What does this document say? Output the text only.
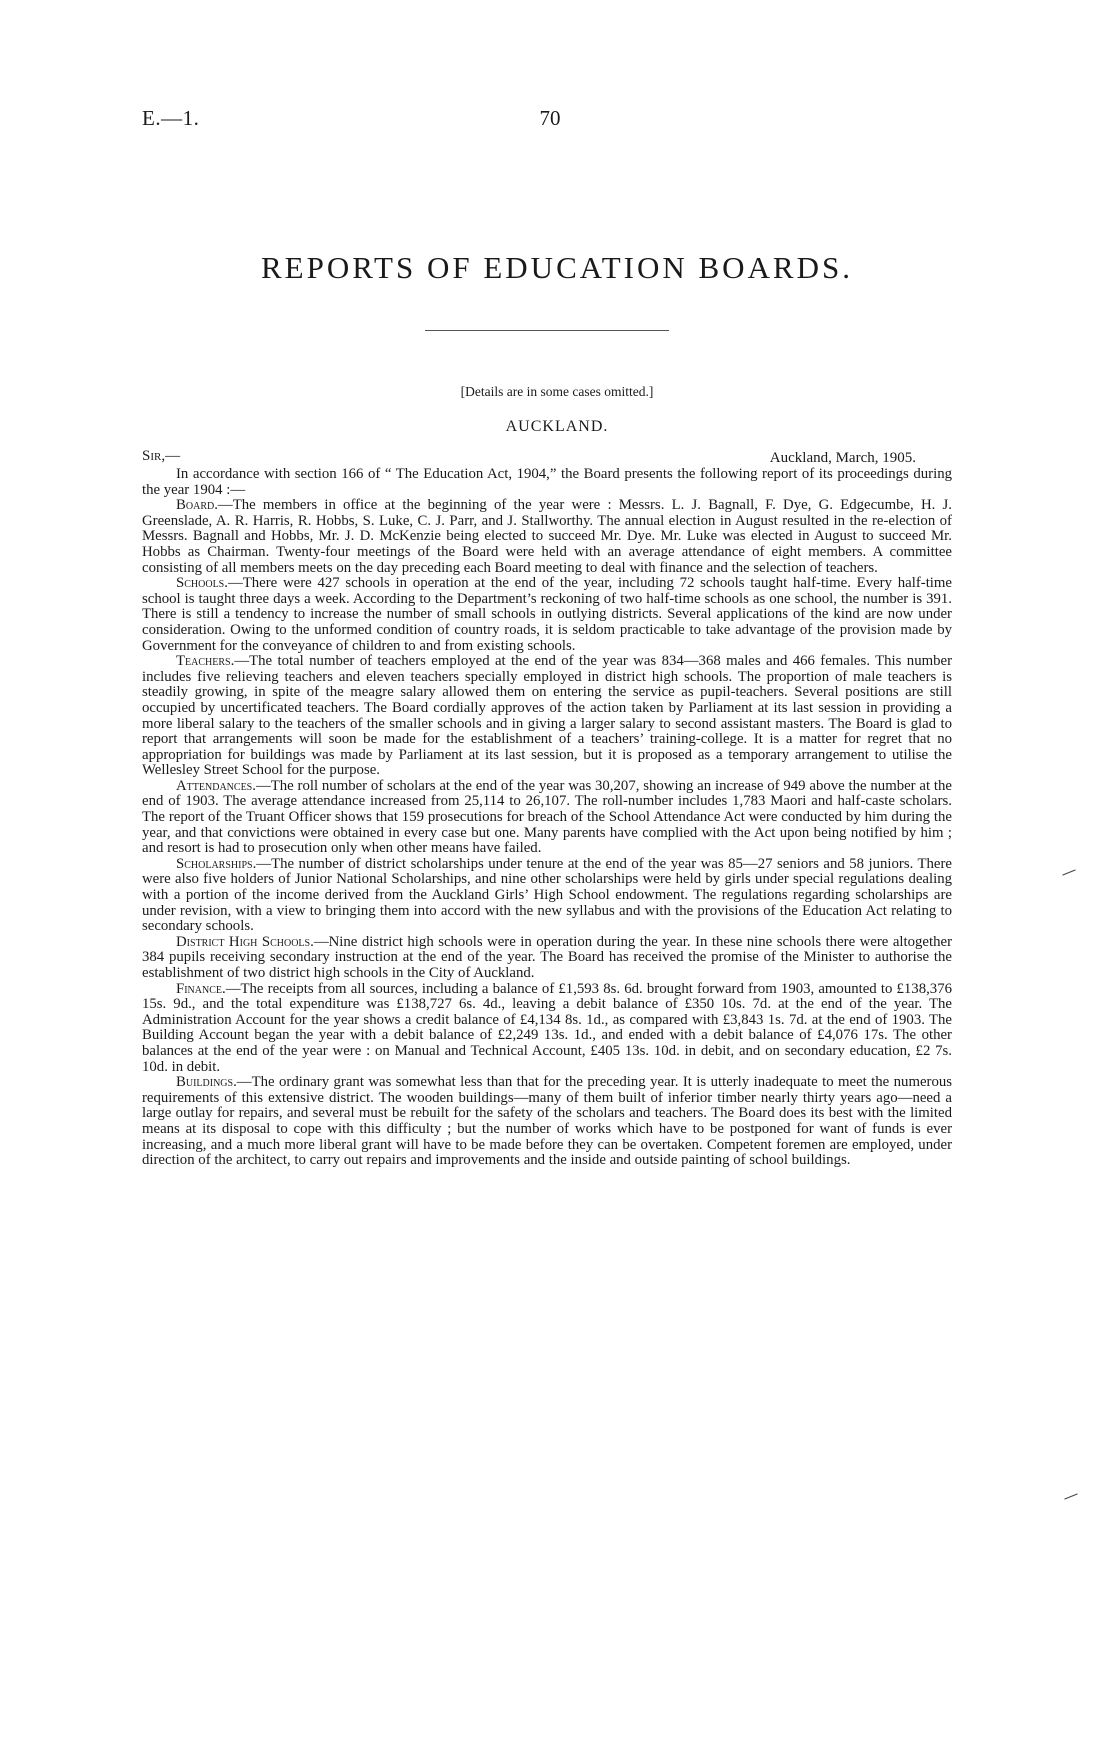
E.—1.	70
REPORTS OF EDUCATION BOARDS.
[Details are in some cases omitted.]
AUCKLAND.
Sir,—	Auckland, March, 1905.

In accordance with section 166 of “ The Education Act, 1904,” the Board presents the following report of its proceedings during the year 1904 :—

Board.—The members in office at the beginning of the year were : Messrs. L. J. Bagnall, F. Dye, G. Edgecumbe, H. J. Greenslade, A. R. Harris, R. Hobbs, S. Luke, C. J. Parr, and J. Stallworthy. The annual election in August resulted in the re-election of Messrs. Bagnall and Hobbs, Mr. J. D. McKenzie being elected to succeed Mr. Dye. Mr. Luke was elected in August to succeed Mr. Hobbs as Chairman. Twenty-four meetings of the Board were held with an average attendance of eight members. A committee consisting of all members meets on the day preceding each Board meeting to deal with finance and the selection of teachers.

Schools.—There were 427 schools in operation at the end of the year, including 72 schools taught half-time. Every half-time school is taught three days a week. According to the Department’s reckoning of two half-time schools as one school, the number is 391. There is still a tendency to increase the number of small schools in outlying districts. Several applications of the kind are now under consideration. Owing to the unformed condition of country roads, it is seldom practicable to take advantage of the provision made by Government for the conveyance of children to and from existing schools.

Teachers.—The total number of teachers employed at the end of the year was 834—368 males and 466 females. This number includes five relieving teachers and eleven teachers specially employed in district high schools. The proportion of male teachers is steadily growing, in spite of the meagre salary allowed them on entering the service as pupil-teachers. Several positions are still occupied by uncertificated teachers. The Board cordially approves of the action taken by Parliament at its last session in providing a more liberal salary to the teachers of the smaller schools and in giving a larger salary to second assistant masters. The Board is glad to report that arrangements will soon be made for the establishment of a teachers’ training-college. It is a matter for regret that no appropriation for buildings was made by Parliament at its last session, but it is proposed as a temporary arrangement to utilise the Wellesley Street School for the purpose.

Attendances.—The roll number of scholars at the end of the year was 30,207, showing an increase of 949 above the number at the end of 1903. The average attendance increased from 25,114 to 26,107. The roll-number includes 1,783 Maori and half-caste scholars. The report of the Truant Officer shows that 159 prosecutions for breach of the School Attendance Act were conducted by him during the year, and that convictions were obtained in every case but one. Many parents have complied with the Act upon being notified by him ; and resort is had to prosecution only when other means have failed.

Scholarships.—The number of district scholarships under tenure at the end of the year was 85—27 seniors and 58 juniors. There were also five holders of Junior National Scholarships, and nine other scholarships were held by girls under special regulations dealing with a portion of the income derived from the Auckland Girls’ High School endowment. The regulations regarding scholarships are under revision, with a view to bringing them into accord with the new syllabus and with the provisions of the Education Act relating to secondary schools.

District High Schools.—Nine district high schools were in operation during the year. In these nine schools there were altogether 384 pupils receiving secondary instruction at the end of the year. The Board has received the promise of the Minister to authorise the establishment of two district high schools in the City of Auckland.

Finance.—The receipts from all sources, including a balance of £1,593 8s. 6d. brought forward from 1903, amounted to £138,376 15s. 9d., and the total expenditure was £138,727 6s. 4d., leaving a debit balance of £350 10s. 7d. at the end of the year. The Administration Account for the year shows a credit balance of £4,134 8s. 1d., as compared with £3,843 1s. 7d. at the end of 1903. The Building Account began the year with a debit balance of £2,249 13s. 1d., and ended with a debit balance of £4,076 17s. The other balances at the end of the year were : on Manual and Technical Account, £405 13s. 10d. in debit, and on secondary education, £2 7s. 10d. in debit.

Buildings.—The ordinary grant was somewhat less than that for the preceding year. It is utterly inadequate to meet the numerous requirements of this extensive district. The wooden buildings—many of them built of inferior timber nearly thirty years ago—need a large outlay for repairs, and several must be rebuilt for the safety of the scholars and teachers. The Board does its best with the limited means at its disposal to cope with this difficulty ; but the number of works which have to be postponed for want of funds is ever increasing, and a much more liberal grant will have to be made before they can be overtaken. Competent foremen are employed, under direction of the architect, to carry out repairs and improvements and the inside and outside painting of school buildings.
